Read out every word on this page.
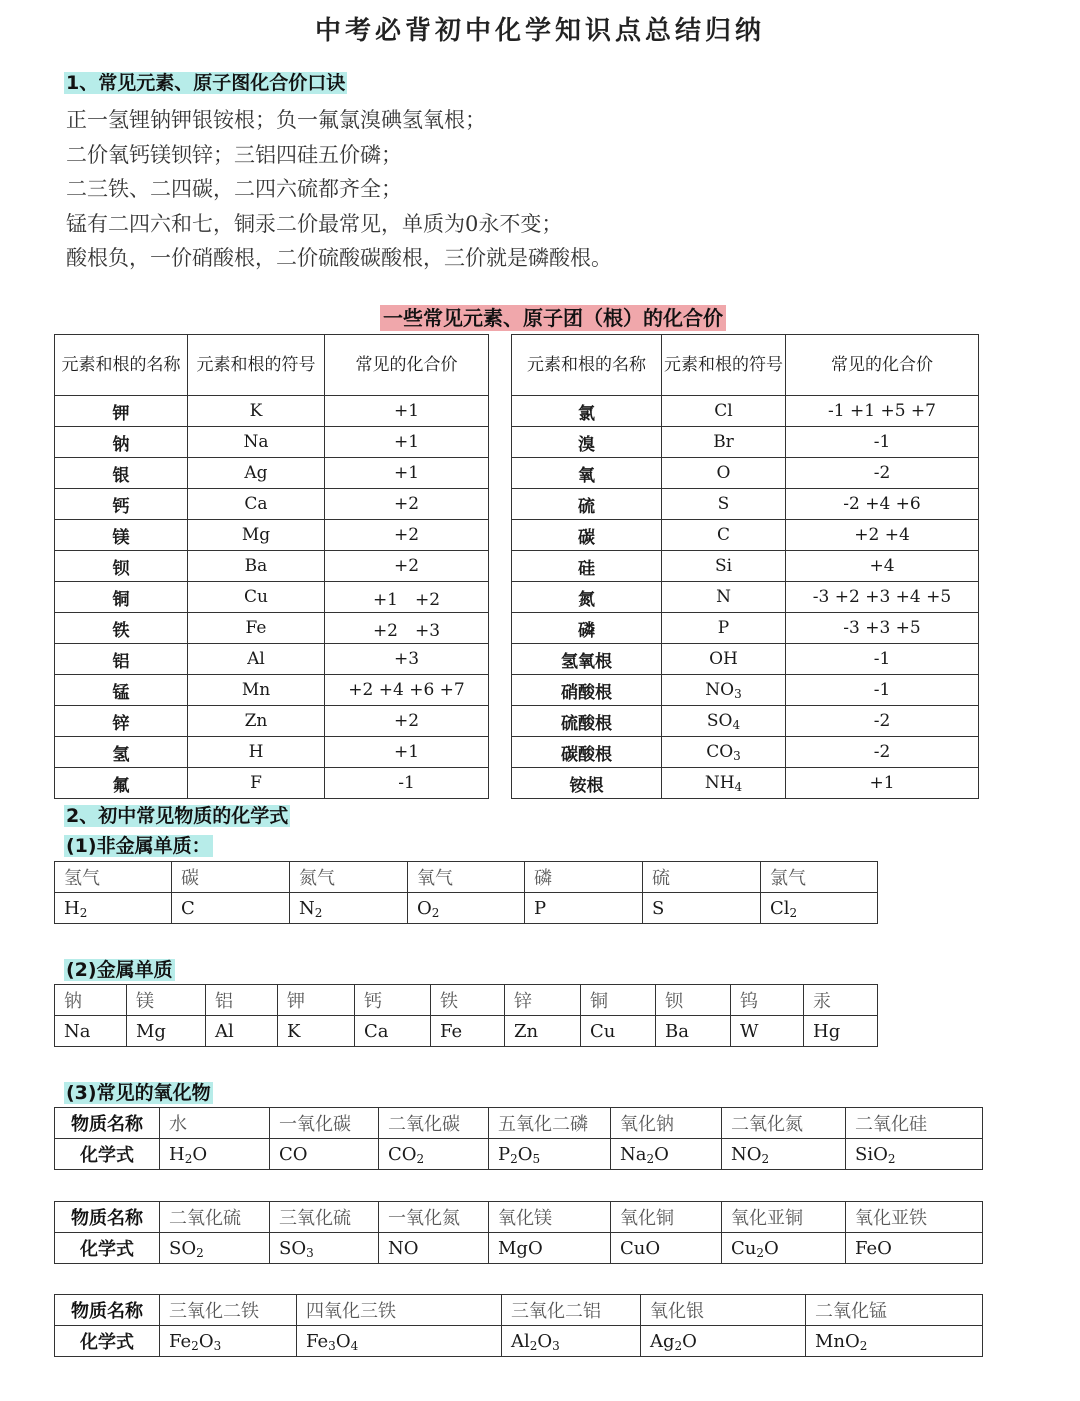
中考必背初中化学知识点总结归纳
1、常见元素、原子图化合价口诀
正一氢锂钠钾银铵根；负一氟氯溴碘氢氧根；
二价氧钙镁钡锌；三铝四硅五价磷；
二三铁、二四碳，二四六硫都齐全；
锰有二四六和七，铜汞二价最常见，单质为0永不变；
酸根负，一价硝酸根，二价硫酸碳酸根，三价就是磷酸根。
一些常见元素、原子团（根）的化合价
元素和根的名称	元素和根的符号	常见的化合价		元素和根的名称	元素和根的符号	常见的化合价
钾	K	+1		氯	Cl	-1 +1 +5 +7
钠	Na	+1		溴	Br	-1
银	Ag	+1		氧	O	-2
钙	Ca	+2		硫	S	-2 +4 +6
镁	Mg	+2		碳	C	+2 +4
钡	Ba	+2		硅	Si	+4
铜	Cu	+1　+2		氮	N	-3 +2 +3 +4 +5
铁	Fe	+2　+3		磷	P	-3 +3 +5
铝	Al	+3		氢氧根	OH	-1
锰	Mn	+2 +4 +6 +7		硝酸根	$NO_3$	-1
锌	Zn	+2		硫酸根	$SO_4$	-2
氢	H	+1		碳酸根	$CO_3$	-2
氟	F	-1		铵根	$NH_4$	+1
2、初中常见物质的化学式
(1)非金属单质：
氢气	碳	氮气	氧气	磷	硫	氯气
$H_2$	C	$N_2$	$O_2$	P	S	$Cl_2$
(2)金属单质
钠	镁	铝	钾	钙	铁	锌	铜	钡	钨	汞
Na	Mg	Al	K	Ca	Fe	Zn	Cu	Ba	W	Hg
(3)常见的氧化物
物质名称	水	一氧化碳	二氧化碳	五氧化二磷	氧化钠	二氧化氮	二氧化硅
化学式	$H_2O$	CO	$CO_2$	$P_2O_5$	$Na_2O$	$NO_2$	SiO$_2$
物质名称	二氧化硫	三氧化硫	一氧化氮	氧化镁	氧化铜	氧化亚铜	氧化亚铁
化学式	$SO_2$	$SO_3$	NO	MgO	CuO	$Cu_2O$	FeO
物质名称	三氧化二铁	四氧化三铁	三氧化二铝	氧化银	二氧化锰
化学式	$Fe_2O_3$	$Fe_3O_4$	$Al_2O_3$	$Ag_2O$	MnO$_2$
